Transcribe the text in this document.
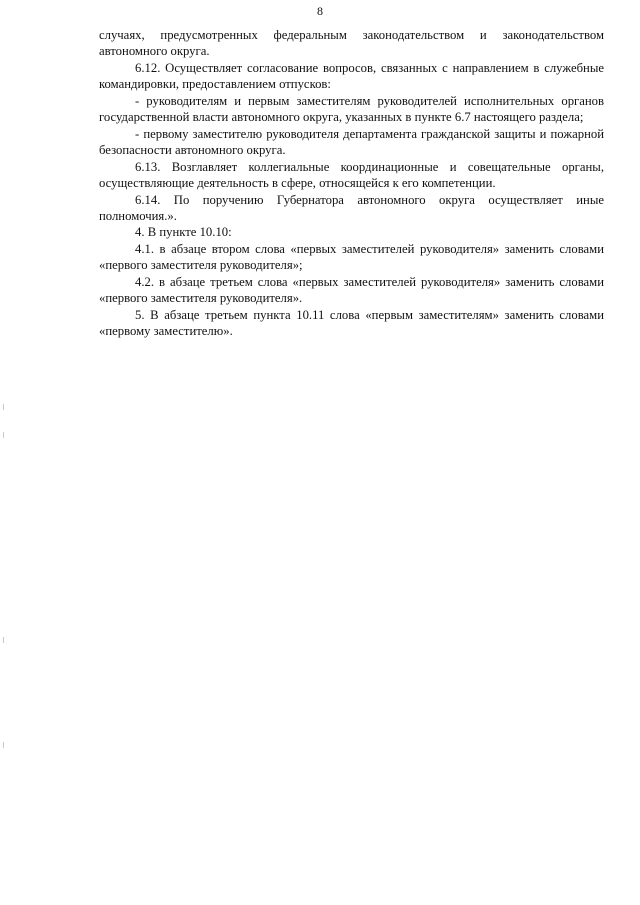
8

случаях, предусмотренных федеральным законодательством и законодательством автономного округа.

6.12. Осуществляет согласование вопросов, связанных с направлением в служебные командировки, предоставлением отпусков:

- руководителям и первым заместителям руководителей исполнительных органов государственной власти автономного округа, указанных в пункте 6.7 настоящего раздела;

- первому заместителю руководителя департамента гражданской защиты и пожарной безопасности автономного округа.

6.13. Возглавляет коллегиальные координационные и совещательные органы, осуществляющие деятельность в сфере, относящейся к его компетенции.

6.14. По поручению Губернатора автономного округа осуществляет иные полномочия.».

4. В пункте 10.10:

4.1. в абзаце втором слова «первых заместителей руководителя» заменить словами «первого заместителя руководителя»;

4.2. в абзаце третьем слова «первых заместителей руководителя» заменить словами «первого заместителя руководителя».

5. В абзаце третьем пункта 10.11 слова «первым заместителям» заменить словами «первому заместителю».
